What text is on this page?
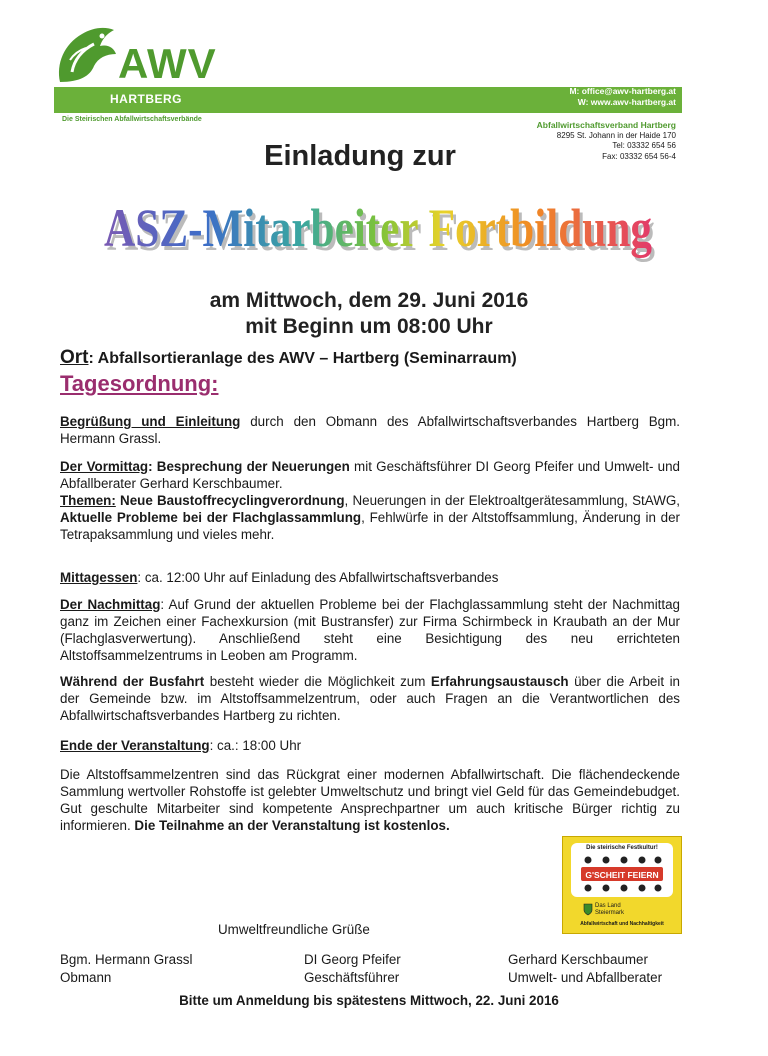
AWV
HARTBERG
M: office@awv-hartberg.at
W: www.awv-hartberg.at
Die Steirischen Abfallwirtschaftsverbände
Abfallwirtschaftsverband Hartberg
8295 St. Johann in der Haide 170
Tel: 03332 654 56
Fax: 03332 654 56-4
Einladung zur
ASZ-Mitarbeiter Fortbildung
ASZ-Mitarbeiter Fortbildung
am Mittwoch, dem 29. Juni 2016
mit Beginn um 08:00 Uhr
Ort: Abfallsortieranlage des AWV – Hartberg (Seminarraum)
Tagesordnung:
Begrüßung und Einleitung durch den Obmann des Abfallwirtschaftsverbandes Hartberg Bgm. Hermann Grassl.
Der Vormittag: Besprechung der Neuerungen mit Geschäftsführer DI Georg Pfeifer und Umwelt- und Abfallberater Gerhard Kerschbaumer.
Themen: Neue Baustoffrecyclingverordnung, Neuerungen in der Elektroaltgerätesammlung, StAWG, Aktuelle Probleme bei der Flachglassammlung, Fehlwürfe in der Altstoffsammlung, Änderung in der Tetrapaksammlung und vieles mehr.
Mittagessen: ca. 12:00 Uhr auf Einladung des Abfallwirtschaftsverbandes
Der Nachmittag: Auf Grund der aktuellen Probleme bei der Flachglassammlung steht der Nachmittag ganz im Zeichen einer Fachexkursion (mit Bustransfer) zur Firma Schirmbeck in Kraubath an der Mur (Flachglasverwertung). Anschließend steht eine Besichtigung des neu errichteten Altstoffsammelzentrums in Leoben am Programm.
Während der Busfahrt besteht wieder die Möglichkeit zum Erfahrungsaustausch über die Arbeit in der Gemeinde bzw. im Altstoffsammelzentrum, oder auch Fragen an die Verantwortlichen des Abfallwirtschaftsverbandes Hartberg zu richten.
Ende der Veranstaltung: ca.: 18:00 Uhr
Die Altstoffsammelzentren sind das Rückgrat einer modernen Abfallwirtschaft. Die flächendeckende Sammlung wertvoller Rohstoffe ist gelebter Umweltschutz und bringt viel Geld für das Gemeindebudget. Gut geschulte Mitarbeiter sind kompetente Ansprechpartner um auch kritische Bürger richtig zu informieren. Die Teilnahme an der Veranstaltung ist kostenlos.
Die steirische Festkultur!
G'SCHEIT FEIERN
Das Land
Steiermark
Abfallwirtschaft und Nachhaltigkeit
Umweltfreundliche Grüße
Bgm. Hermann Grassl
Obmann
DI Georg Pfeifer
Geschäftsführer
Gerhard Kerschbaumer
Umwelt- und Abfallberater
Bitte um Anmeldung bis spätestens Mittwoch, 22. Juni 2016
